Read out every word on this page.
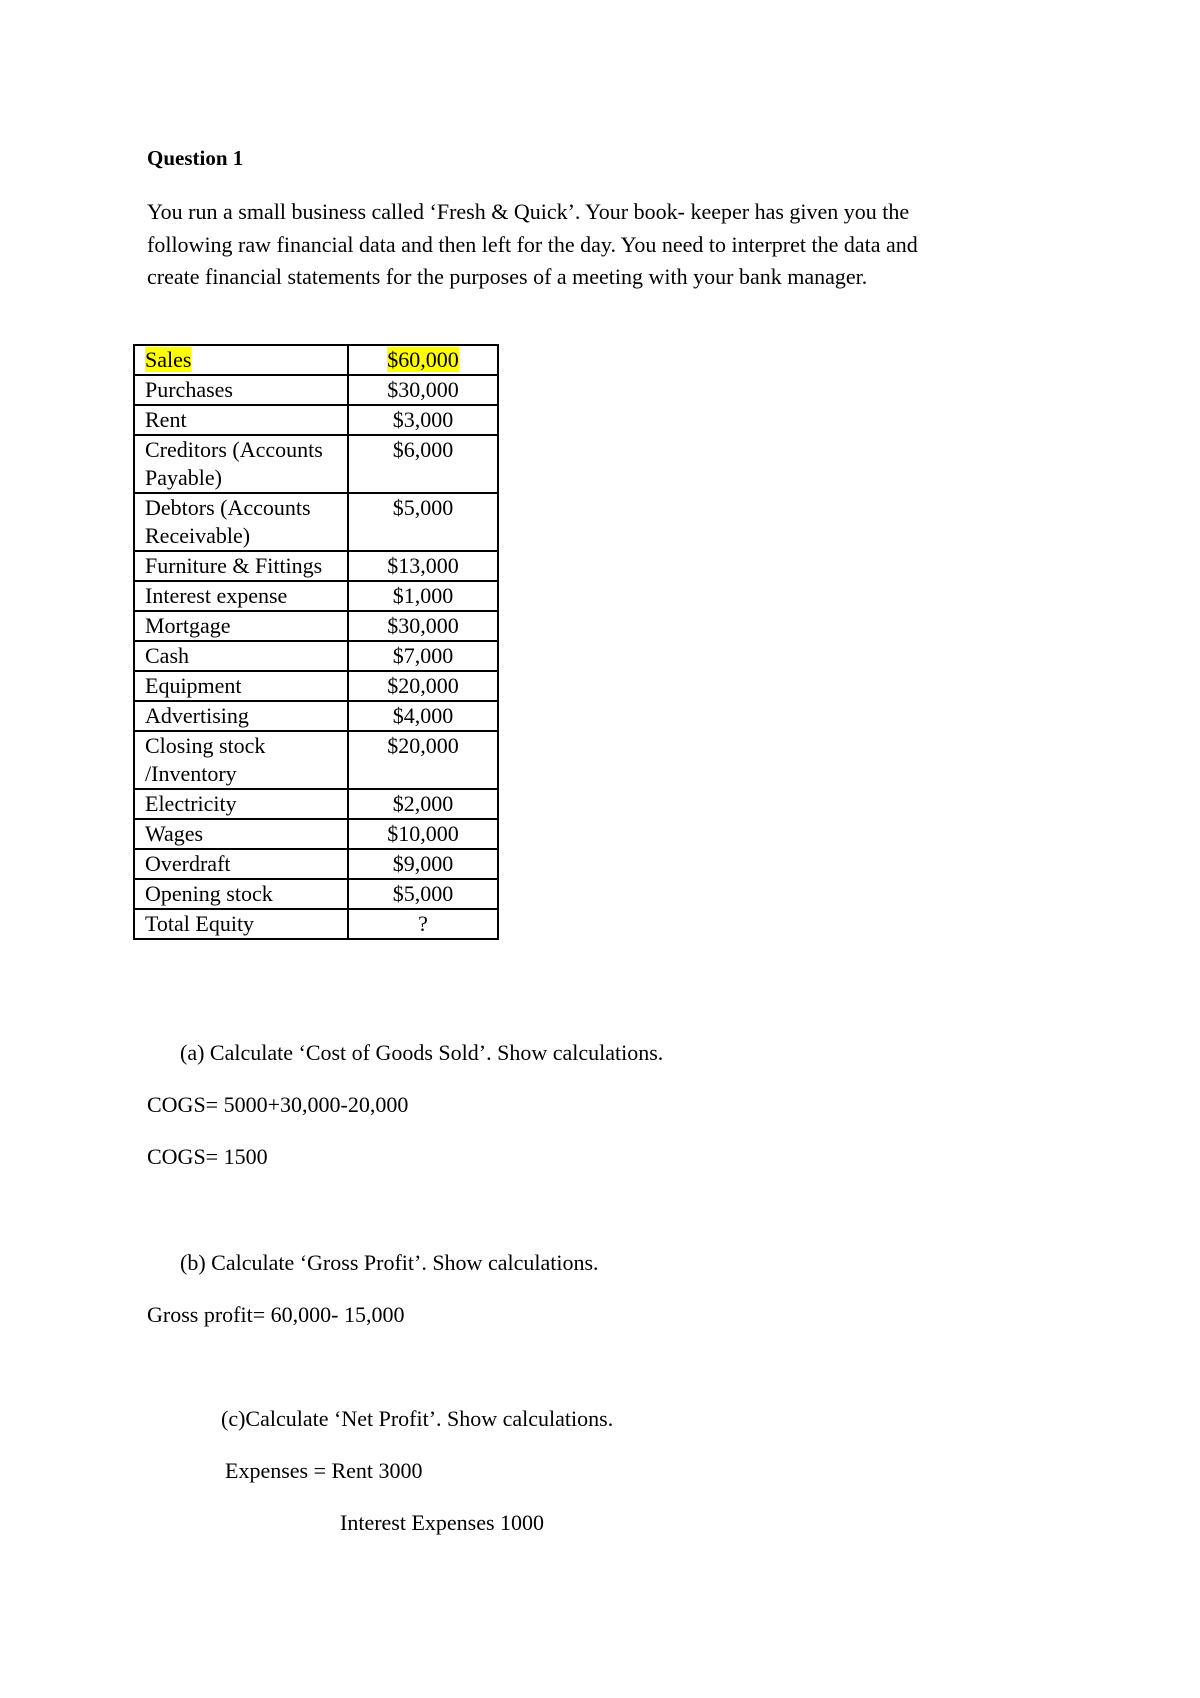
Question 1

You run a small business called ‘Fresh & Quick’. Your book- keeper has given you the

following raw financial data and then left for the day. You need to interpret the data and

create financial statements for the purposes of a meeting with your bank manager.

Sales	$60,000
Purchases	$30,000
Rent	$3,000
Creditors (Accounts Payable)	$6,000
Debtors (Accounts Receivable)	$5,000
Furniture & Fittings	$13,000
Interest expense	$1,000
Mortgage	$30,000
Cash	$7,000
Equipment	$20,000
Advertising	$4,000
Closing stock /Inventory	$20,000
Electricity	$2,000
Wages	$10,000
Overdraft	$9,000
Opening stock	$5,000
Total Equity	?
(a) Calculate ‘Cost of Goods Sold’. Show calculations.
COGS= 5000+30,000-20,000
COGS= 1500
(b) Calculate ‘Gross Profit’. Show calculations.
Gross profit= 60,000- 15,000
(c)Calculate ‘Net Profit’. Show calculations.
Expenses = Rent 3000
Interest Expenses 1000
